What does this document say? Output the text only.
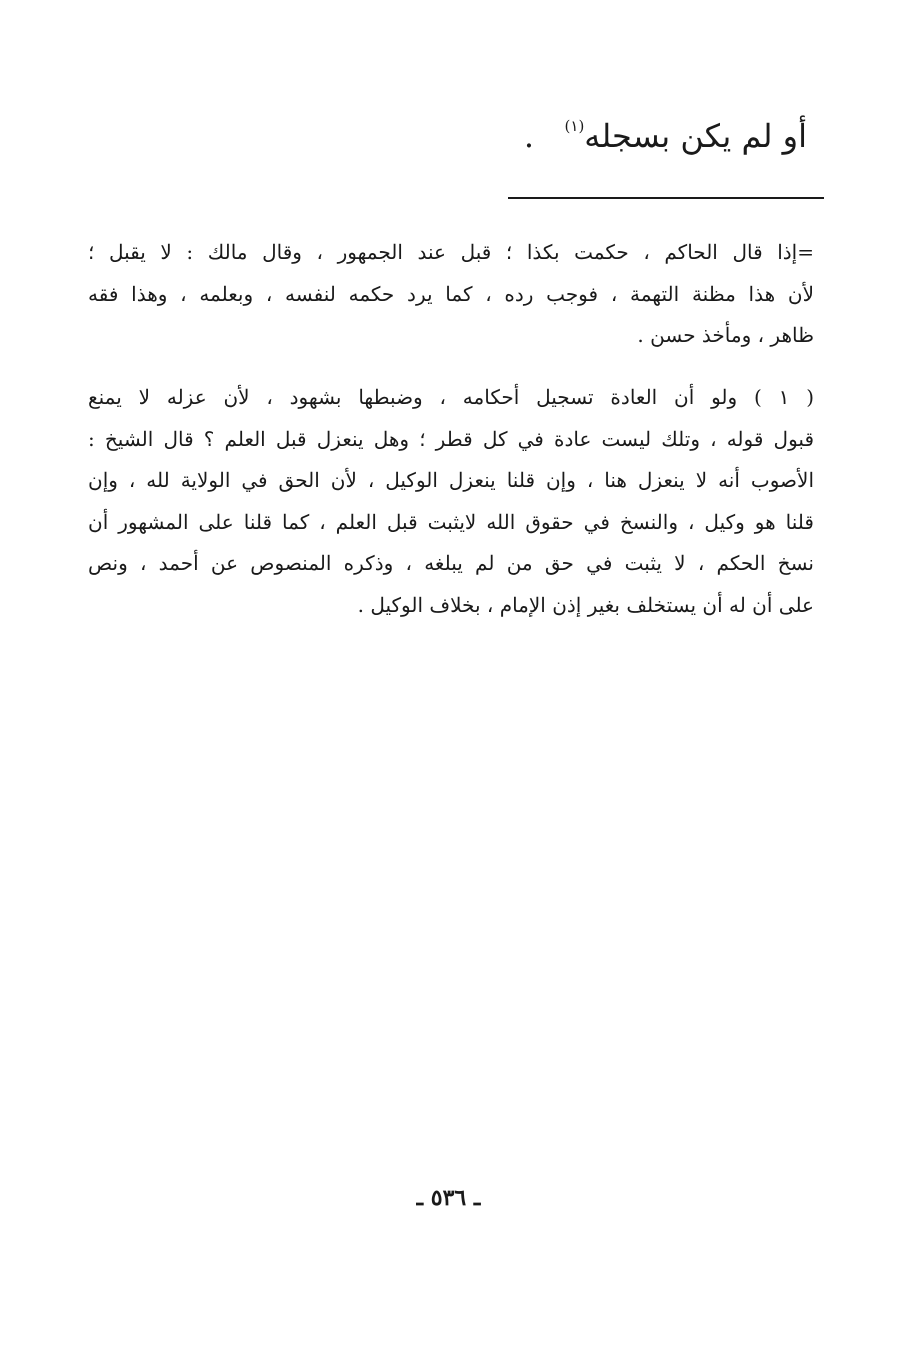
أو لم يكن بسجله$^{(١)}$   .
=إذا قال الحاكم ، حكمت بكذا ؛ قبل عند الجمهور ، وقال مالك : لا يقبل ؛
لأن هذا مظنة التهمة ، فوجب رده ، كما يرد حكمه لنفسه ، وبعلمه ، وهذا فقه
ظاهر ، ومأخذ حسن .
( ١ ) ولو أن العادة تسجيل أحكامه ، وضبطها بشهود ، لأن عزله لا يمنع
قبول قوله ، وتلك ليست عادة في كل قطر ؛ وهل ينعزل قبل العلم ؟ قال الشيخ :
الأصوب أنه لا ينعزل هنا ، وإن قلنا ينعزل الوكيل ، لأن الحق في الولاية لله ، وإن
قلنا هو وكيل ، والنسخ في حقوق الله لايثبت قبل العلم ، كما قلنا على المشهور أن
نسخ الحكم ، لا يثبت في حق من لم يبلغه ، وذكره المنصوص عن أحمد ، ونص
على أن له أن يستخلف بغير إذن الإمام ، بخلاف الوكيل .
ـ ٥٣٦ ـ
